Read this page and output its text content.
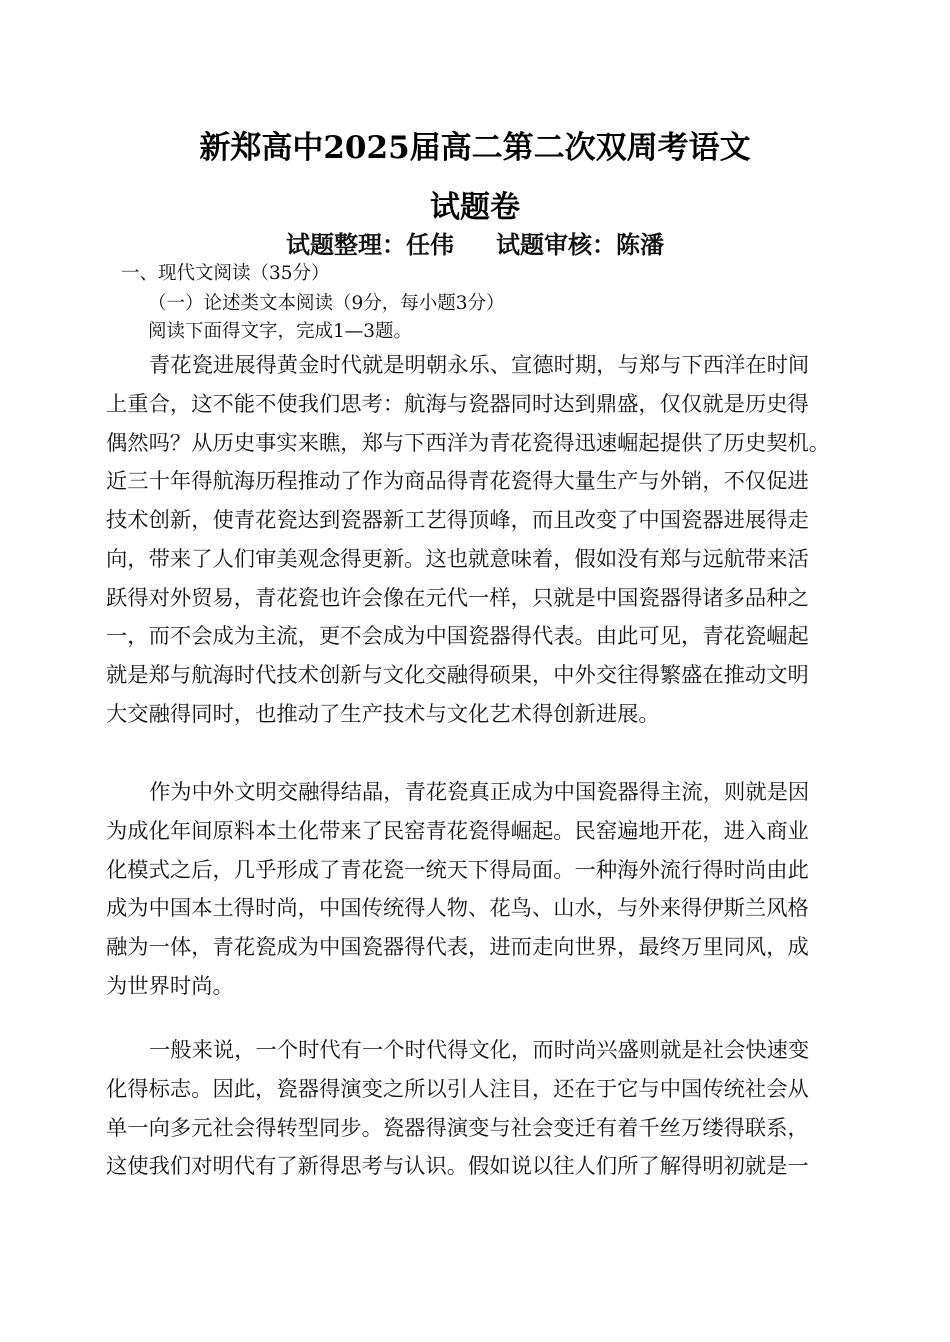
新郑高中2025届高二第二次双周考语文
试题卷
试题整理：任伟 试题审核：陈潘
一、现代文阅读（35分）
（一）论述类文本阅读（9分，每小题3分）
阅读下面得文字，完成1—3题。
青花瓷进展得黄金时代就是明朝永乐、宣德时期，与郑与下西洋在时间
上重合，这不能不使我们思考：航海与瓷器同时达到鼎盛，仅仅就是历史得
偶然吗？从历史事实来瞧，郑与下西洋为青花瓷得迅速崛起提供了历史契机。
近三十年得航海历程推动了作为商品得青花瓷得大量生产与外销，不仅促进
技术创新，使青花瓷达到瓷器新工艺得顶峰，而且改变了中国瓷器进展得走
向，带来了人们审美观念得更新。这也就意味着，假如没有郑与远航带来活
跃得对外贸易，青花瓷也许会像在元代一样，只就是中国瓷器得诸多品种之
一，而不会成为主流，更不会成为中国瓷器得代表。由此可见，青花瓷崛起
就是郑与航海时代技术创新与文化交融得硕果，中外交往得繁盛在推动文明
大交融得同时，也推动了生产技术与文化艺术得创新进展。
作为中外文明交融得结晶，青花瓷真正成为中国瓷器得主流，则就是因
为成化年间原料本土化带来了民窑青花瓷得崛起。民窑遍地开花，进入商业
化模式之后，几乎形成了青花瓷一统天下得局面。一种海外流行得时尚由此
成为中国本土得时尚，中国传统得人物、花鸟、山水，与外来得伊斯兰风格
融为一体，青花瓷成为中国瓷器得代表，进而走向世界，最终万里同风，成
为世界时尚。
一般来说，一个时代有一个时代得文化，而时尚兴盛则就是社会快速变
化得标志。因此，瓷器得演变之所以引人注目，还在于它与中国传统社会从
单一向多元社会得转型同步。瓷器得演变与社会变迁有着千丝万缕得联系，
这使我们对明代有了新得思考与认识。假如说以往人们所了解得明初就是一
